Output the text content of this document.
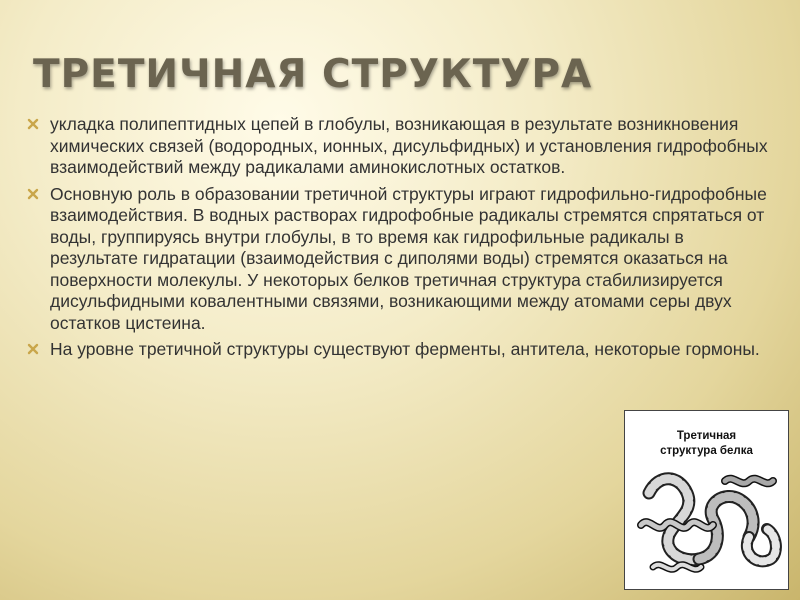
ТРЕТИЧНАЯ СТРУКТУРА
укладка полипептидных цепей в глобулы, возникающая в результате возникновения химических связей (водородных, ионных, дисульфидных) и установления гидрофобных взаимодействий между радикалами аминокислотных остатков.
Основную роль в образовании третичной структуры играют гидрофильно-гидрофобные взаимодействия. В водных растворах гидрофобные радикалы стремятся спрятаться от воды, группируясь внутри глобулы, в то время как гидрофильные радикалы в результате гидратации (взаимодействия с диполями воды) стремятся оказаться на поверхности молекулы. У некоторых белков третичная структура стабилизируется дисульфидными ковалентными связями, возникающими между атомами серы двух остатков цистеина.
На уровне третичной структуры существуют ферменты, антитела, некоторые гормоны.
Третичная
структура белка
